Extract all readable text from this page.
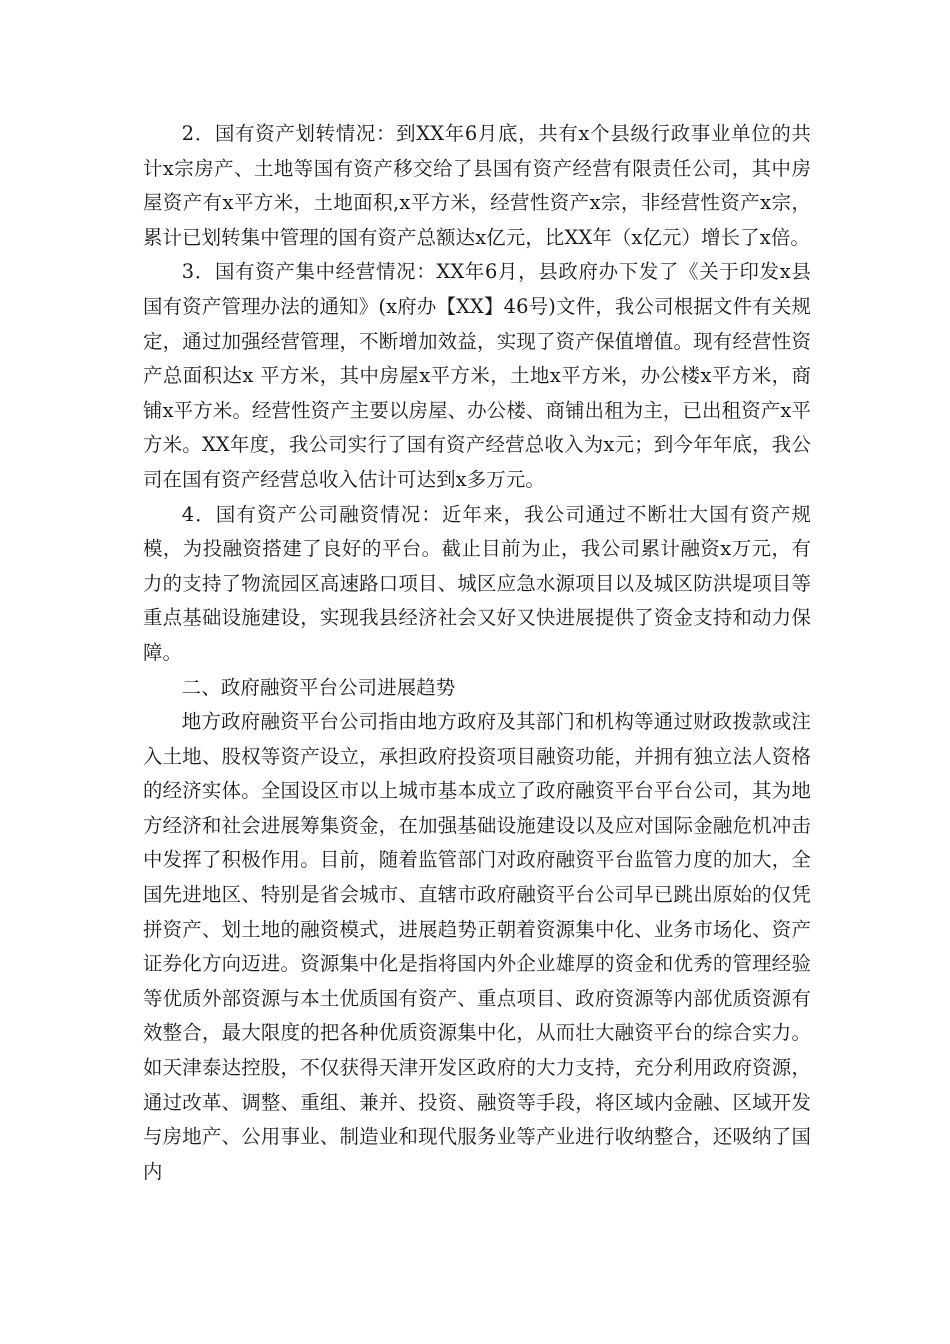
2．国有资产划转情况：到XX年6月底，共有x个县级行政事业单位的共计x宗房产、土地等国有资产移交给了县国有资产经营有限责任公司，其中房屋资产有x平方米，土地面积,x平方米，经营性资产x宗，非经营性资产x宗，累计已划转集中管理的国有资产总额达x亿元，比XX年（x亿元）增长了x倍。

3．国有资产集中经营情况：XX年6月，县政府办下发了《关于印发x县国有资产管理办法的通知》(x府办【XX】46号)文件，我公司根据文件有关规定，通过加强经营管理，不断增加效益，实现了资产保值增值。现有经营性资产总面积达x 平方米，其中房屋x平方米，土地x平方米，办公楼x平方米，商铺x平方米。经营性资产主要以房屋、办公楼、商铺出租为主，已出租资产x平方米。XX年度，我公司实行了国有资产经营总收入为x元；到今年年底，我公司在国有资产经营总收入估计可达到x多万元。

4．国有资产公司融资情况：近年来，我公司通过不断壮大国有资产规模，为投融资搭建了良好的平台。截止目前为止，我公司累计融资x万元，有力的支持了物流园区高速路口项目、城区应急水源项目以及城区防洪堤项目等重点基础设施建设，实现我县经济社会又好又快进展提供了资金支持和动力保障。

二、政府融资平台公司进展趋势

地方政府融资平台公司指由地方政府及其部门和机构等通过财政拨款或注入土地、股权等资产设立，承担政府投资项目融资功能，并拥有独立法人资格的经济实体。全国设区市以上城市基本成立了政府融资平台平台公司，其为地方经济和社会进展筹集资金，在加强基础设施建设以及应对国际金融危机冲击中发挥了积极作用。目前，随着监管部门对政府融资平台监管力度的加大，全国先进地区、特别是省会城市、直辖市政府融资平台公司早已跳出原始的仅凭拼资产、划土地的融资模式，进展趋势正朝着资源集中化、业务市场化、资产证券化方向迈进。资源集中化是指将国内外企业雄厚的资金和优秀的管理经验等优质外部资源与本土优质国有资产、重点项目、政府资源等内部优质资源有效整合，最大限度的把各种优质资源集中化，从而壮大融资平台的综合实力。如天津泰达控股，不仅获得天津开发区政府的大力支持，充分利用政府资源，通过改革、调整、重组、兼并、投资、融资等手段，将区域内金融、区域开发与房地产、公用事业、制造业和现代服务业等产业进行收纳整合，还吸纳了国内
